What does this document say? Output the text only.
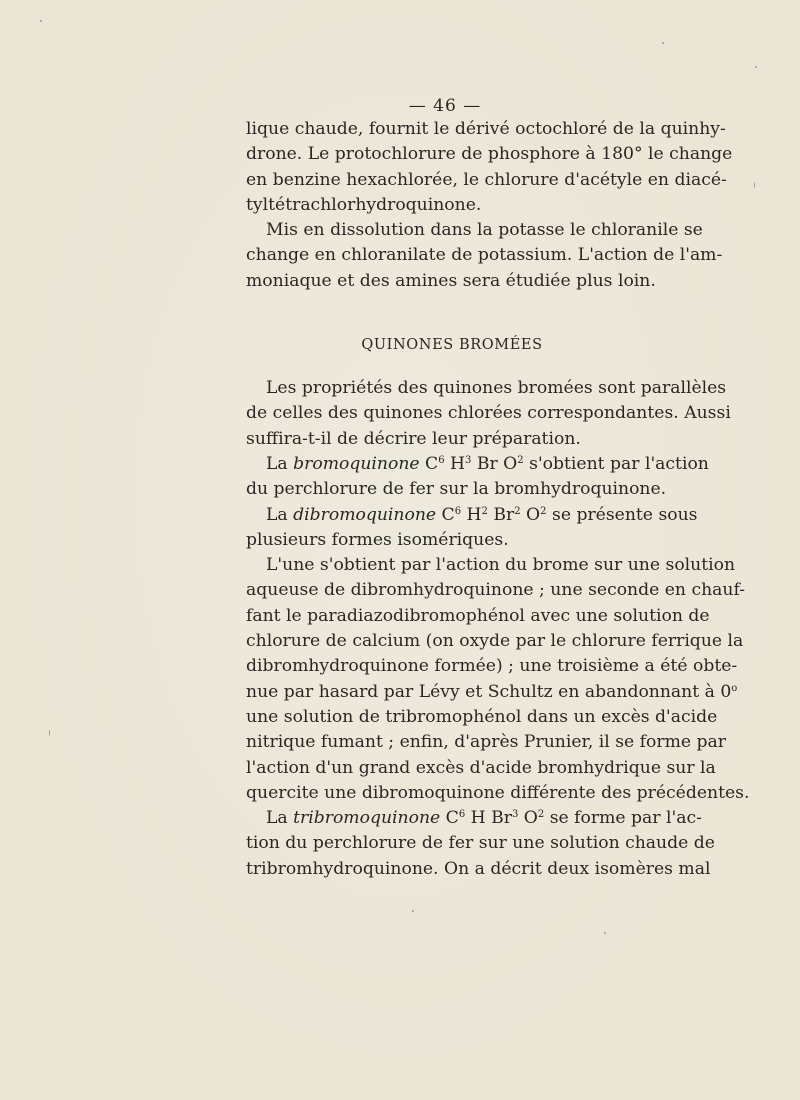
— 46 —
lique chaude, fournit le dérivé octochloré de la quinhy-
drone. Le protochlorure de phosphore à 180° le change
en benzine hexachlorée, le chlorure d'acétyle en diacé-
tyltétrachlorhydroquinone.
Mis en dissolution dans la potasse le chloranile se
change en chloranilate de potassium. L'action de l'am-
moniaque et des amines sera étudiée plus loin.
QUINONES BROMÉES
Les propriétés des quinones bromées sont parallèles
de celles des quinones chlorées correspondantes. Aussi
suffira-t-il de décrire leur préparation.
La bromoquinone $C^6$ $H^3$ Br $O^2$ s'obtient par l'action
du perchlorure de fer sur la bromhydroquinone.
La dibromoquinone $C^6$ $H^2$ Br$^2$ $O^2$ se présente sous
plusieurs formes isomériques.
L'une s'obtient par l'action du brome sur une solution
aqueuse de dibromhydroquinone ; une seconde en chauf-
fant le paradiazodibromophénol avec une solution de
chlorure de calcium (on oxyde par le chlorure ferrique la
dibromhydroquinone formée) ; une troisième a été obte-
nue par hasard par Lévy et Schultz en abandonnant à 0$^o$
une solution de tribromophénol dans un excès d'acide
nitrique fumant ; enfin, d'après Prunier, il se forme par
l'action d'un grand excès d'acide bromhydrique sur la
quercite une dibromoquinone différente des précédentes.
La tribromoquinone $C^6$ H Br$^3$ $O^2$ se forme par l'ac-
tion du perchlorure de fer sur une solution chaude de
tribromhydroquinone. On a décrit deux isomères mal
